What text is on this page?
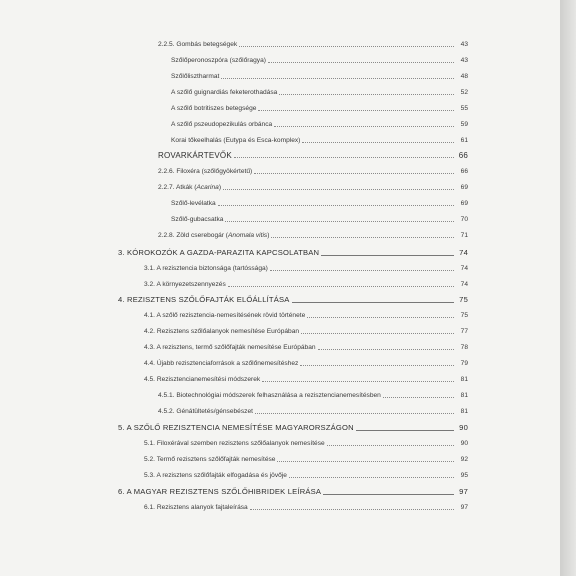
2.2.5. Gombás betegségek	43
Szőlőperonoszpóra (szőlőragya)	43
Szőlőlisztharmat	48
A szőlő guignardiás feketerothadása	52
A szőlő botritiszes betegsége	55
A szőlő pszeudopezikulás orbánca	59
Korai tőkeelhalás (Eutypa és Esca-komplex)	61
ROVARKÁRTEVŐK	66
2.2.6. Filoxéra (szőlőgyökértetű)	66
2.2.7. Atkák (Acarina)	69
Szőlő-levélatka	69
Szőlő-gubacsatka	70
2.2.8. Zöld cserebogár (Anomala vitis)	71
3. KÓROKOZÓK A GAZDA-PARAZITA KAPCSOLATBAN	74
3.1. A rezisztencia biztonsága (tartóssága)	74
3.2. A környezetszennyezés	74
4. REZISZTENS SZŐLŐFAJTÁK ELŐÁLLÍTÁSA	75
4.1. A szőlő rezisztencia-nemesítésének rövid története	75
4.2. Rezisztens szőlőalanyok nemesítése Európában	77
4.3. A rezisztens, termő szőlőfajták nemesítése Európában	78
4.4. Újabb rezisztenciaforrások a szőlőnemesítéshez	79
4.5. Rezisztencianemesítési módszerek	81
4.5.1. Biotechnológiai módszerek felhasználása a rezisztencianemesítésben	81
4.5.2. Génátültetés/génsebészet	81
5. A SZŐLŐ REZISZTENCIA NEMESÍTÉSE MAGYARORSZÁGON	90
5.1. Filoxérával szemben rezisztens szőlőalanyok nemesítése	90
5.2. Termő rezisztens szőlőfajták nemesítése	92
5.3. A rezisztens szőlőfajták elfogadása és jövője	95
6. A MAGYAR REZISZTENS SZŐLŐHIBRIDEK LEÍRÁSA	97
6.1. Rezisztens alanyok fajtaleírása	97
